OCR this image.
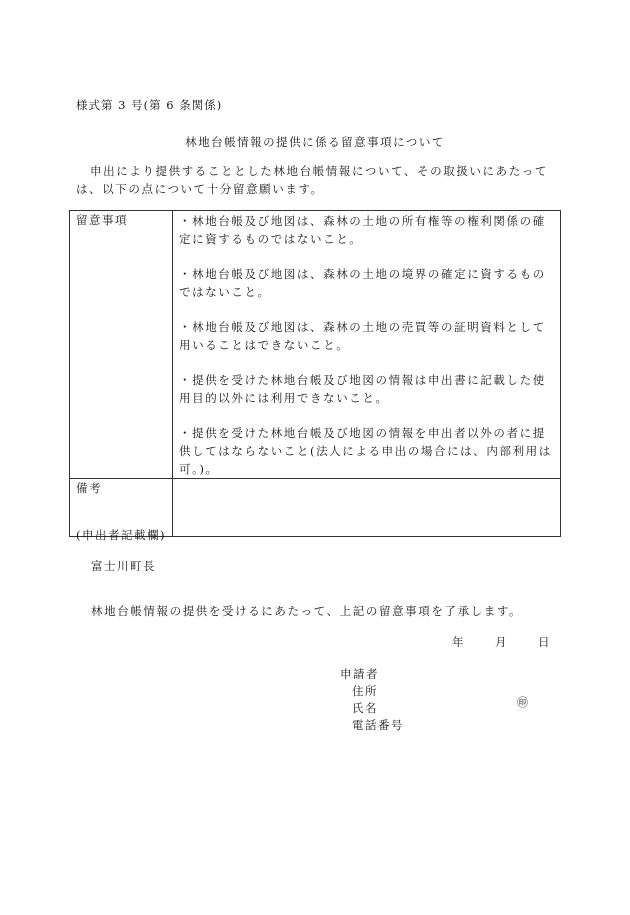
様式第 3 号(第 6 条関係)
林地台帳情報の提供に係る留意事項について
申出により提供することとした林地台帳情報について、その取扱いにあたっては、以下の点について十分留意願います。
留意事項	・林地台帳及び地図は、森林の土地の所有権等の権利関係の確定に資するものではないこと。
・林地台帳及び地図は、森林の土地の境界の確定に資するものではないこと。
・林地台帳及び地図は、森林の土地の売買等の証明資料として用いることはできないこと。
・提供を受けた林地台帳及び地図の情報は申出書に記載した使用目的以外には利用できないこと。
・提供を受けた林地台帳及び地図の情報を申出者以外の者に提供してはならないこと(法人による申出の場合には、内部利用は可。)。

備考	
(申出者記載欄)
富士川町長
林地台帳情報の提供を受けるにあたって、上記の留意事項を了承します。
年	月	日
申請者
住所
氏名
電話番号
㊞
